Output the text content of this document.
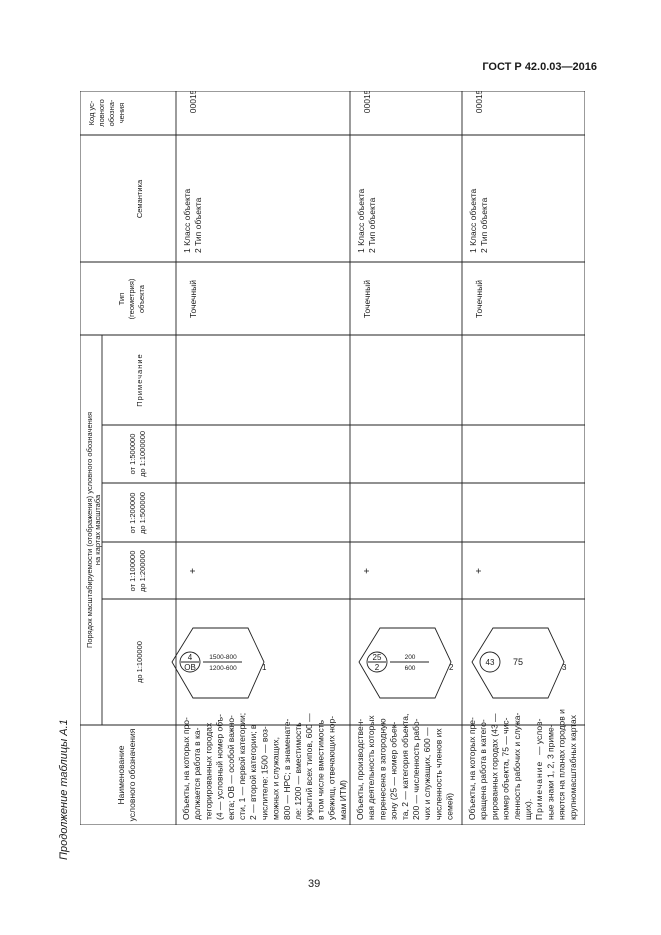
ГОСТ Р 42.0.03—2016
Продолжение таблицы А.1
39
Наименование условного обозначения
Порядок масштабируемости (отображения) условного обозначения на картах масштаба
до 1:100000
от 1:100000 до 1:200000
от 1:200000 до 1:500000
от 1:500000 до 1:1000000
Примечание
Тип (геометрия) объекта
Семантика
Код ус- ловного обозна- чения
Объекты, на которых про- должается работа в ка- тегорированных городах (4 — условный номер объ- екта; ОВ — особой важно- сти, 1 — первой категории; 2 — второй категории; в числителе: 1500 — воз- можных и служащих, 800 — НРС; в знаменате- ле: 1200 — вместимость укрытий всех типов, 600 — в том числе вместимость убежищ, отвечающих нор- мам ИТМ)
+
Точечный
1 Класс объекта 2 Тип объекта
000154
Объекты, производствен- ная деятельность которых перенесена в загородную зону (25 — номер объек- та, 2 — категория объекта, 200 — численность рабо- чих и служащих, 600 — численность членов их семей)
+
Точечный
1 Класс объекта 2 Тип объекта
000155
Объекты, на которых пре- кращена работа в катего- рированных городах (43 — номер объекта, 75 — чис- ленность рабочих и служа- щих). Примечание
— услов- ные знаки 1, 2, 3 приме- няются на планах городов и крупномасштабных картах
+
Точечный
1 Класс объекта 2 Тип объекта
000156
4
ОВ
1500-800
1200-600	1
25
2
200
600	2
43 75
3
